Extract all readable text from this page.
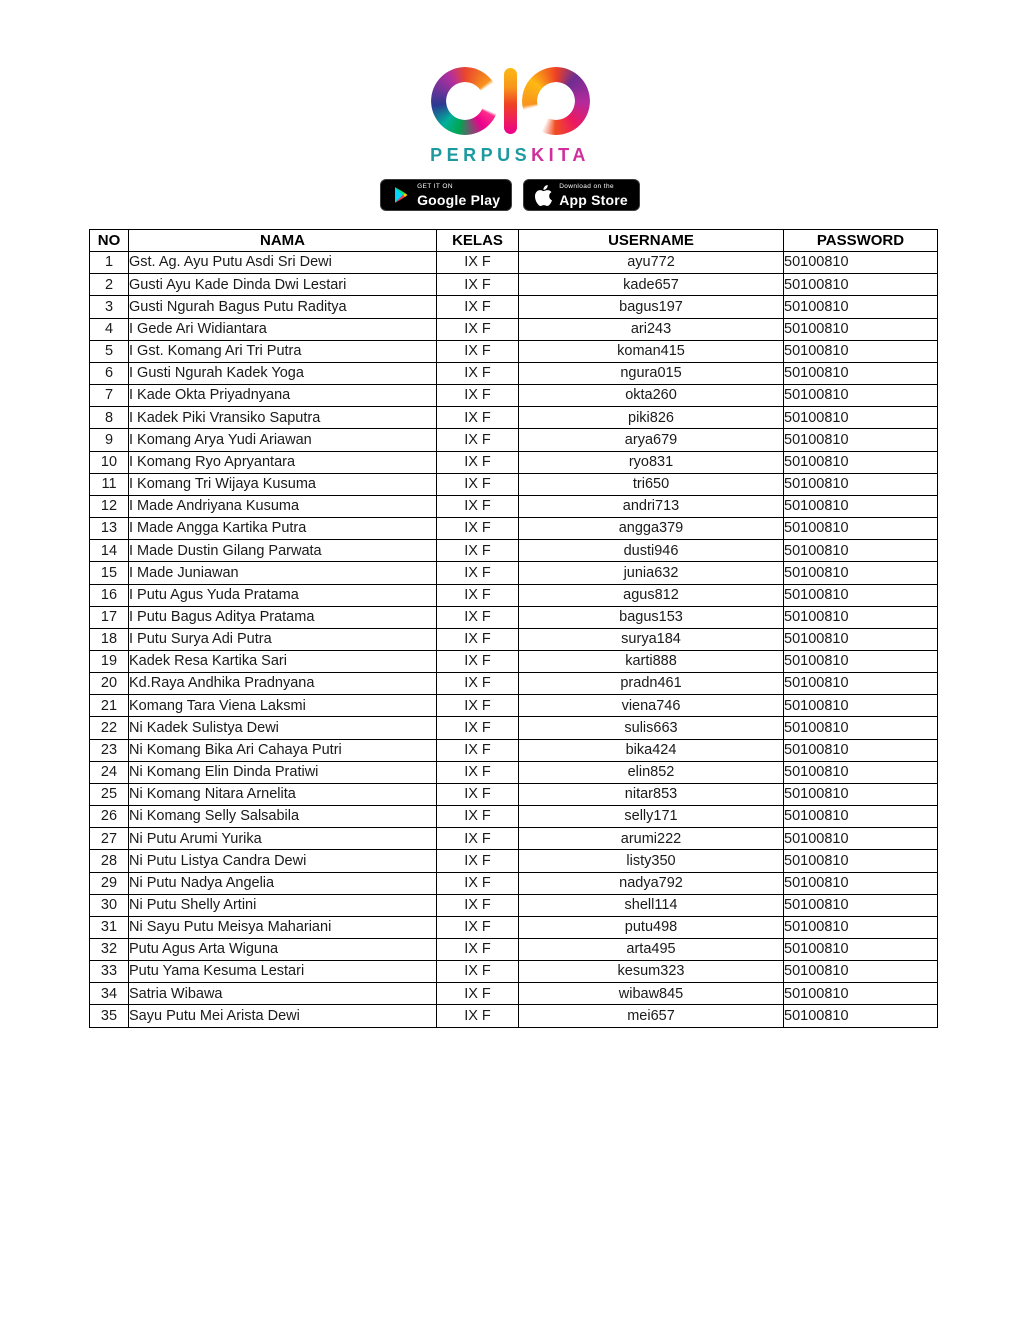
PERPUSKITA
GET IT ON
Google Play
Download on the
App Store
NO	NAMA	KELAS	USERNAME	PASSWORD
1	Gst. Ag. Ayu Putu Asdi Sri Dewi	IX F	ayu772	50100810
2	Gusti Ayu Kade Dinda Dwi Lestari	IX F	kade657	50100810
3	Gusti Ngurah Bagus Putu Raditya	IX F	bagus197	50100810
4	I Gede Ari Widiantara	IX F	ari243	50100810
5	I Gst. Komang Ari Tri Putra	IX F	koman415	50100810
6	I Gusti Ngurah Kadek Yoga	IX F	ngura015	50100810
7	I Kade Okta Priyadnyana	IX F	okta260	50100810
8	I Kadek Piki Vransiko Saputra	IX F	piki826	50100810
9	I Komang Arya Yudi Ariawan	IX F	arya679	50100810
10	I Komang Ryo Apryantara	IX F	ryo831	50100810
11	I Komang Tri Wijaya Kusuma	IX F	tri650	50100810
12	I Made Andriyana Kusuma	IX F	andri713	50100810
13	I Made Angga Kartika Putra	IX F	angga379	50100810
14	I Made Dustin Gilang Parwata	IX F	dusti946	50100810
15	I Made Juniawan	IX F	junia632	50100810
16	I Putu Agus Yuda Pratama	IX F	agus812	50100810
17	I Putu Bagus Aditya Pratama	IX F	bagus153	50100810
18	I Putu Surya Adi Putra	IX F	surya184	50100810
19	Kadek Resa Kartika Sari	IX F	karti888	50100810
20	Kd.Raya Andhika Pradnyana	IX F	pradn461	50100810
21	Komang Tara Viena Laksmi	IX F	viena746	50100810
22	Ni Kadek Sulistya Dewi	IX F	sulis663	50100810
23	Ni Komang Bika Ari Cahaya Putri	IX F	bika424	50100810
24	Ni Komang Elin Dinda Pratiwi	IX F	elin852	50100810
25	Ni Komang Nitara Arnelita	IX F	nitar853	50100810
26	Ni Komang Selly Salsabila	IX F	selly171	50100810
27	Ni Putu Arumi Yurika	IX F	arumi222	50100810
28	Ni Putu Listya Candra Dewi	IX F	listy350	50100810
29	Ni Putu Nadya Angelia	IX F	nadya792	50100810
30	Ni Putu Shelly Artini	IX F	shell114	50100810
31	Ni Sayu Putu Meisya Mahariani	IX F	putu498	50100810
32	Putu Agus Arta Wiguna	IX F	arta495	50100810
33	Putu Yama Kesuma Lestari	IX F	kesum323	50100810
34	Satria Wibawa	IX F	wibaw845	50100810
35	Sayu Putu Mei Arista Dewi	IX F	mei657	50100810
